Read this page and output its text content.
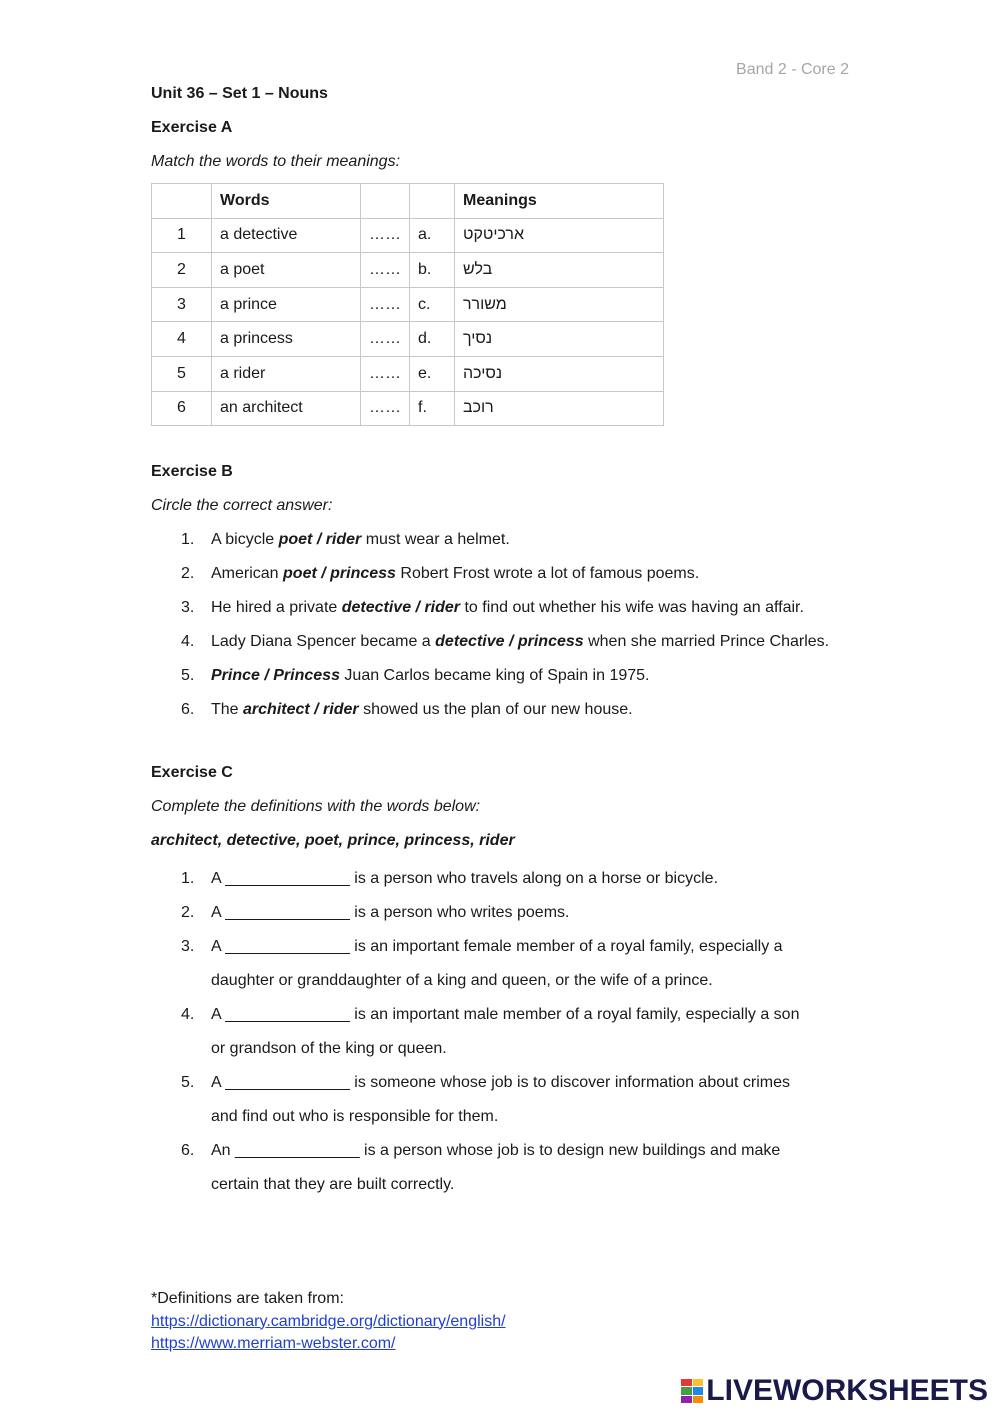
Band 2 - Core 2
Unit 36 – Set 1 – Nouns
Exercise A
Match the words to their meanings:
	Words			Meanings
1	a detective	……	a.	ארכיטקט
2	a poet	……	b.	בלש
3	a prince	……	c.	משורר
4	a princess	……	d.	נסיך
5	a rider	……	e.	נסיכה
6	an architect	……	f.	רוכב
Exercise B
Circle the correct answer:
1.	A bicycle poet / rider must wear a helmet.
2.	American poet / princess Robert Frost wrote a lot of famous poems.
3.	He hired a private detective / rider to find out whether his wife was having an affair.
4.	Lady Diana Spencer became a detective / princess when she married Prince Charles.
5.	Prince / Princess Juan Carlos became king of Spain in 1975.
6.	The architect / rider showed us the plan of our new house.
Exercise C
Complete the definitions with the words below:
architect, detective, poet, prince, princess, rider
1.	A ______________ is a person who travels along on a horse or bicycle.
2.	A ______________ is a person who writes poems.
3.	A ______________ is an important female member of a royal family, especially a
daughter or granddaughter of a king and queen, or the wife of a prince.
4.	A ______________ is an important male member of a royal family, especially a son
or grandson of the king or queen.
5.	A ______________ is someone whose job is to discover information about crimes
and find out who is responsible for them.
6.	An ______________ is a person whose job is to design new buildings and make
certain that they are built correctly.
*Definitions are taken from:
https://dictionary.cambridge.org/dictionary/english/
https://www.merriam-webster.com/
LIVEWORKSHEETS
